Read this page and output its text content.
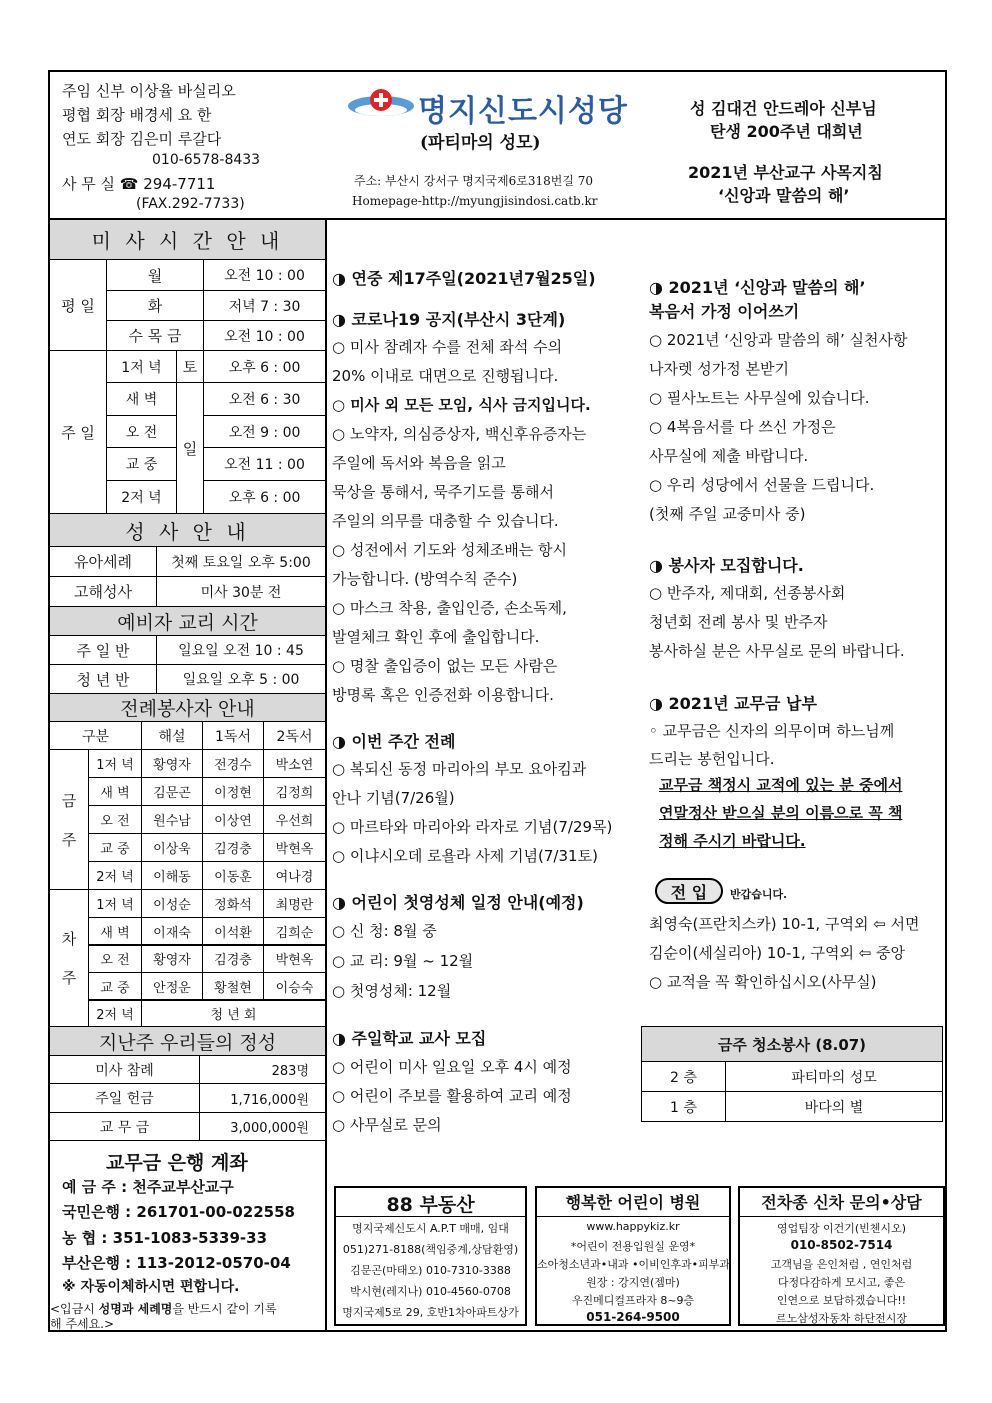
주임 신부 이상율 바실리오
평협 회장 배경세 요 한
연도 회장 김은미 루갈다
010-6578-8433
사 무 실 ☎ 294-7711
(FAX.292-7733)
명지신도시성당
(파티마의 성모)
주소: 부산시 강서구 명지국제6로318번길 70
Homepage-http://myungjisindosi.catb.kr
성 김대건 안드레아 신부님
탄생 200주년 대희년
2021년 부산교구 사목지침
‘신앙과 말씀의 해’
미 사 시 간 안 내
평 일
월	오전 10 : 00
화	저녁 7 : 30
수 목 금	오전 10 : 00
주 일
1저 녁	토	오후 6 : 00
일
새 벽	오전 6 : 30
오 전	오전 9 : 00
교 중	오전 11 : 00
2저 녁	오후 6 : 00
성 사 안 내
유아세례	첫째 토요일 오후 5:00
고해성사	미사 30분 전
예비자 교리 시간
주 일 반	일요일 오전 10 : 45
청 년 반	일요일 오후 5 : 00
전례봉사자 안내
구분	해설	1독서	2독서
금

주
차

주
1저 녁	황영자	전경수	박소연
새 벽	김문곤	이정현	김정희
오 전	원수남	이상연	우선희
교 중	이상욱	김경충	박현옥
2저 녁	이해동	이동훈	여나경
1저 녁	이성순	정화석	최명란
새 벽	이재숙	이석환	김희순
오 전	황영자	김경충	박현옥
교 중	안정운	황철현	이승숙
2저 녁	청 년 회
지난주 우리들의 정성
미사 참례	283명
주일 헌금	1,716,000원
교 무 금	3,000,000원
교무금 은행 계좌
예 금 주 : 천주교부산교구
국민은행 : 261701-00-022558
농 협 : 351-1083-5339-33
부산은행 : 113-2012-0570-04
※ 자동이체하시면 편합니다.
<입금시 성명과 세례명을 반드시 같이 기록
해 주세요.>
◑ 연중 제17주일(2021년7월25일)
◑ 코로나19 공지(부산시 3단계)
○ 미사 참례자 수를 전체 좌석 수의
20% 이내로 대면으로 진행됩니다.
○ 미사 외 모든 모임, 식사 금지입니다.
○ 노약자, 의심증상자, 백신후유증자는
주일에 독서와 복음을 읽고
묵상을 통해서, 묵주기도를 통해서
주일의 의무를 대충할 수 있습니다.
○ 성전에서 기도와 성체조배는 항시
가능합니다. (방역수칙 준수)
○ 마스크 착용, 출입인증, 손소독제,
발열체크 확인 후에 출입합니다.
○ 명찰 출입증이 없는 모든 사람은
방명록 혹은 인증전화 이용합니다.
◑ 이번 주간 전례
○ 복되신 동정 마리아의 부모 요아킴과
안나 기념(7/26월)
○ 마르타와 마리아와 라자로 기념(7/29목)
○ 이냐시오데 로욜라 사제 기념(7/31토)
◑ 어린이 첫영성체 일정 안내(예정)
○ 신 청: 8월 중
○ 교 리: 9월 ~ 12월
○ 첫영성체: 12월
◑ 주일학교 교사 모집
○ 어린이 미사 일요일 오후 4시 예정
○ 어린이 주보를 활용하여 교리 예정
○ 사무실로 문의
◑ 2021년 ‘신앙과 말씀의 해’
복음서 가정 이어쓰기
○ 2021년 ‘신앙과 말씀의 해’ 실천사항
나자렛 성가정 본받기
○ 필사노트는 사무실에 있습니다.
○ 4복음서를 다 쓰신 가정은
사무실에 제출 바랍니다.
○ 우리 성당에서 선물을 드립니다.
(첫째 주일 교중미사 중)
◑ 봉사자 모집합니다.
○ 반주자, 제대회, 선종봉사회
청년회 전례 봉사 및 반주자
봉사하실 분은 사무실로 문의 바랍니다.
◑ 2021년 교무금 납부
◦ 교무금은 신자의 의무이며 하느님께
드리는 봉헌입니다.
교무금 책정시 교적에 있는 분 중에서
연말정산 받으실 분의 이름으로 꼭 책
정해 주시기 바랍니다.
전 입	반갑습니다.
최영숙(프란치스카) 10-1, 구역외 ⇦ 서면
김순이(세실리아) 10-1, 구역외 ⇦ 중앙
○ 교적을 꼭 확인하십시오(사무실)
금주 청소봉사 (8.07)
2 층	파티마의 성모
1 층	바다의 별
88 부동산
명지국제신도시 A.P.T 매매, 임대
051)271-8188(책임중계,상담환영)
김문곤(마태오) 010-7310-3388
박시현(레지나) 010-4560-0708
명지국제5로 29, 호반1차아파트상가
행복한 어린이 병원
www.happykiz.kr
*어린이 전용입원실 운영*
소아청소년과•내과 •이비인후과•피부과
원장 : 강지연(젬마)
우진메디컬프라자 8~9층
051-264-9500
전차종 신차 문의•상담
영업팀장 이건기(빈첸시오)
010-8502-7514
고객님을 은인처럼 , 연인처럼
다정다감하게 모시고, 좋은
인연으로 보답하겠습니다!!
르노삼성자동차 하단전시장
